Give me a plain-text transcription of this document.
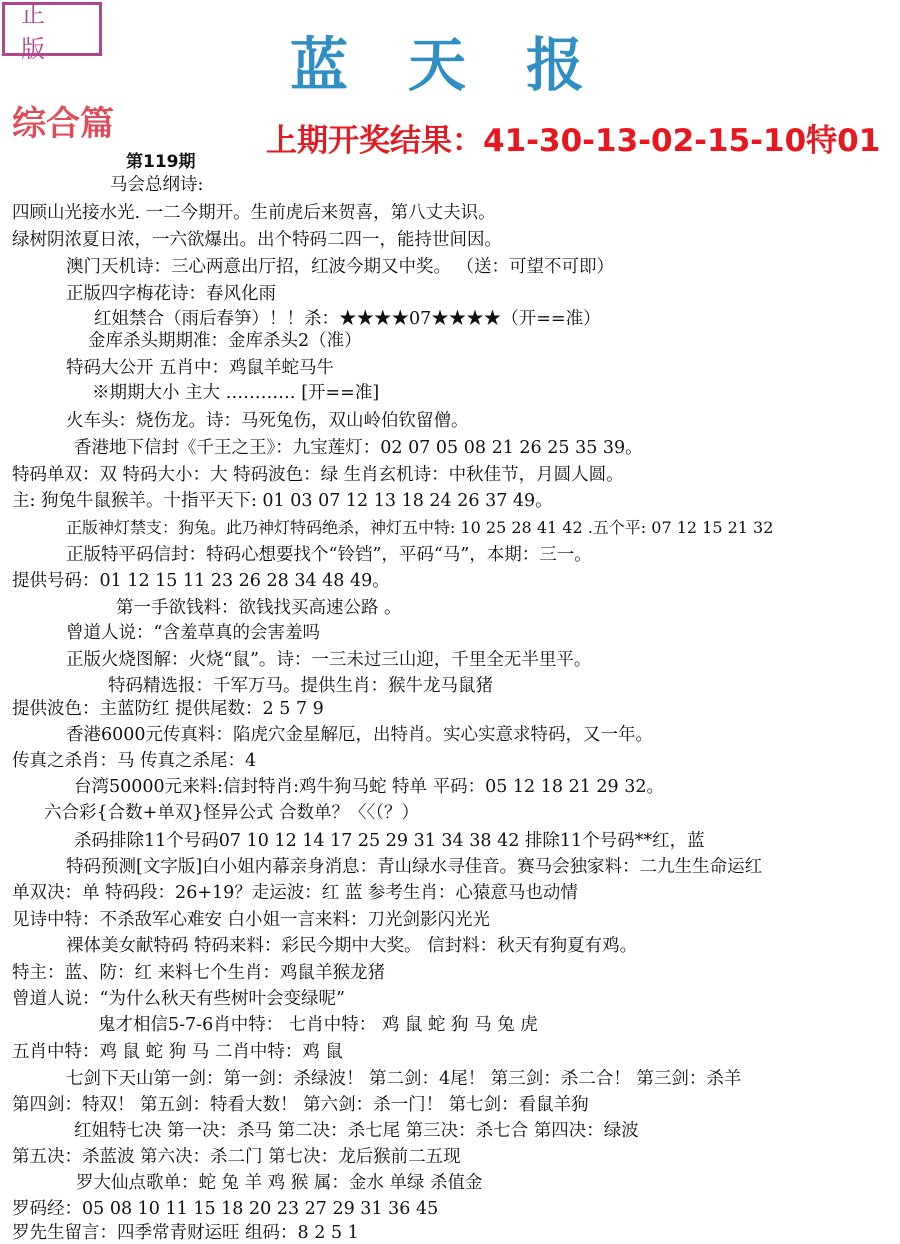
正版	蓝天报
综合篇	上期开奖结果：41-30-13-02-15-10特01
第119期
马会总纲诗:
四顾山光接水光. 一二今期开。生前虎后来贺喜，第八丈夫识。
绿树阴浓夏日浓，一六欲爆出。出个特码二四一，能持世间因。
澳门天机诗：三心两意出厅招，红波今期又中奖。 （送：可望不可即）
正版四字梅花诗：春风化雨
红姐禁合（雨后春笋）！！杀：★★★★07★★★★（开==准）
金库杀头期期准：金库杀头2（准）
特码大公开 五肖中：鸡鼠羊蛇马牛
※期期大小 主大 ………… [开==准]
火车头：烧伤龙。诗：马死兔伤，双山岭伯钦留僧。
香港地下信封《千王之王》：九宝莲灯：02 07 05 08 21 26 25 35 39。
特码单双：双 特码大小：大 特码波色：绿 生肖玄机诗：中秋佳节，月圆人圆。
主: 狗兔牛鼠猴羊。十指平天下: 01 03 07 12 13 18 24 26 37 49。
正版神灯禁支：狗兔。此乃神灯特码绝杀，神灯五中特: 10 25 28 41 42 .五个平: 07 12 15 21 32
正版特平码信封：特码心想要找个“铃铛”，平码“马”，本期：三一。
提供号码：01 12 15 11 23 26 28 34 48 49。
第一手欲钱料：欲钱找买高速公路 。
曾道人说：“含羞草真的会害羞吗
正版火烧图解：火烧“鼠”。诗：一三未过三山迎，千里全无半里平。
特码精选报：千军万马。提供生肖：猴牛龙马鼠猪
提供波色：主蓝防红 提供尾数：2 5 7 9
香港6000元传真料：陷虎穴金星解厄，出特肖。实心实意求特码，又一年。
传真之杀肖：马 传真之杀尾：4
台湾50000元来料:信封特肖:鸡牛狗马蛇 特单 平码：05 12 18 21 29 32。
六合彩{合数+单双}怪异公式 合数单？〈〈（？）
杀码排除11个号码07 10 12 14 17 25 29 31 34 38 42 排除11个号码**红，蓝
特码预测[文字版]白小姐内幕亲身消息：青山绿水寻佳音。赛马会独家料：二九生生命运红
单双决：单 特码段：26+19？走运波：红 蓝 参考生肖：心猿意马也动情
见诗中特：不杀敌军心难安 白小姐一言来料：刀光剑影闪光光
裸体美女献特码 特码来料：彩民今期中大奖。 信封料：秋天有狗夏有鸡。
特主：蓝、防：红 来料七个生肖：鸡鼠羊猴龙猪
曾道人说：“为什么秋天有些树叶会变绿呢”
鬼才相信5-7-6肖中特： 七肖中特： 鸡 鼠 蛇 狗 马 兔 虎
五肖中特：鸡 鼠 蛇 狗 马 二肖中特：鸡 鼠
七剑下天山第一剑：第一剑：杀绿波！ 第二剑：4尾！ 第三剑：杀二合！ 第三剑：杀羊
第四剑：特双！ 第五剑：特看大数！ 第六剑：杀一门！ 第七剑：看鼠羊狗
红姐特七决 第一决：杀马 第二决：杀七尾 第三决：杀七合 第四决：绿波
第五决：杀蓝波 第六决：杀二门 第七决：龙后猴前二五现
罗大仙点歌单：蛇 兔 羊 鸡 猴 属：金水 单绿 杀值金
罗码经：05 08 10 11 15 18 20 23 27 29 31 36 45
罗先生留言：四季常青财运旺 组码：8 2 5 1
